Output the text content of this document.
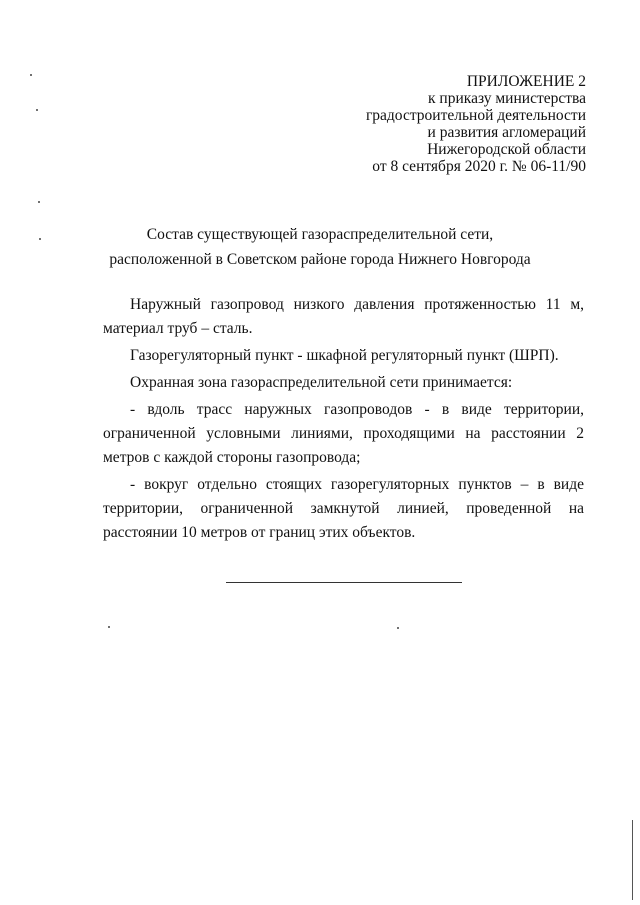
ПРИЛОЖЕНИЕ 2
к приказу министерства
градостроительной деятельности
и развития агломераций
Нижегородской области
от 8 сентября 2020 г. № 06-11/90
Состав существующей газораспределительной сети,
расположенной в Советском районе города Нижнего Новгорода

Наружный газопровод низкого давления протяженностью 11 м, материал труб – сталь.

Газорегуляторный пункт - шкафной регуляторный пункт (ШРП).

Охранная зона газораспределительной сети принимается:

- вдоль трасс наружных газопроводов - в виде территории, ограниченной условными линиями, проходящими на расстоянии 2 метров с каждой стороны газопровода;

- вокруг отдельно стоящих газорегуляторных пунктов – в виде территории, ограниченной замкнутой линией, проведенной на расстоянии 10 метров от границ этих объектов.
